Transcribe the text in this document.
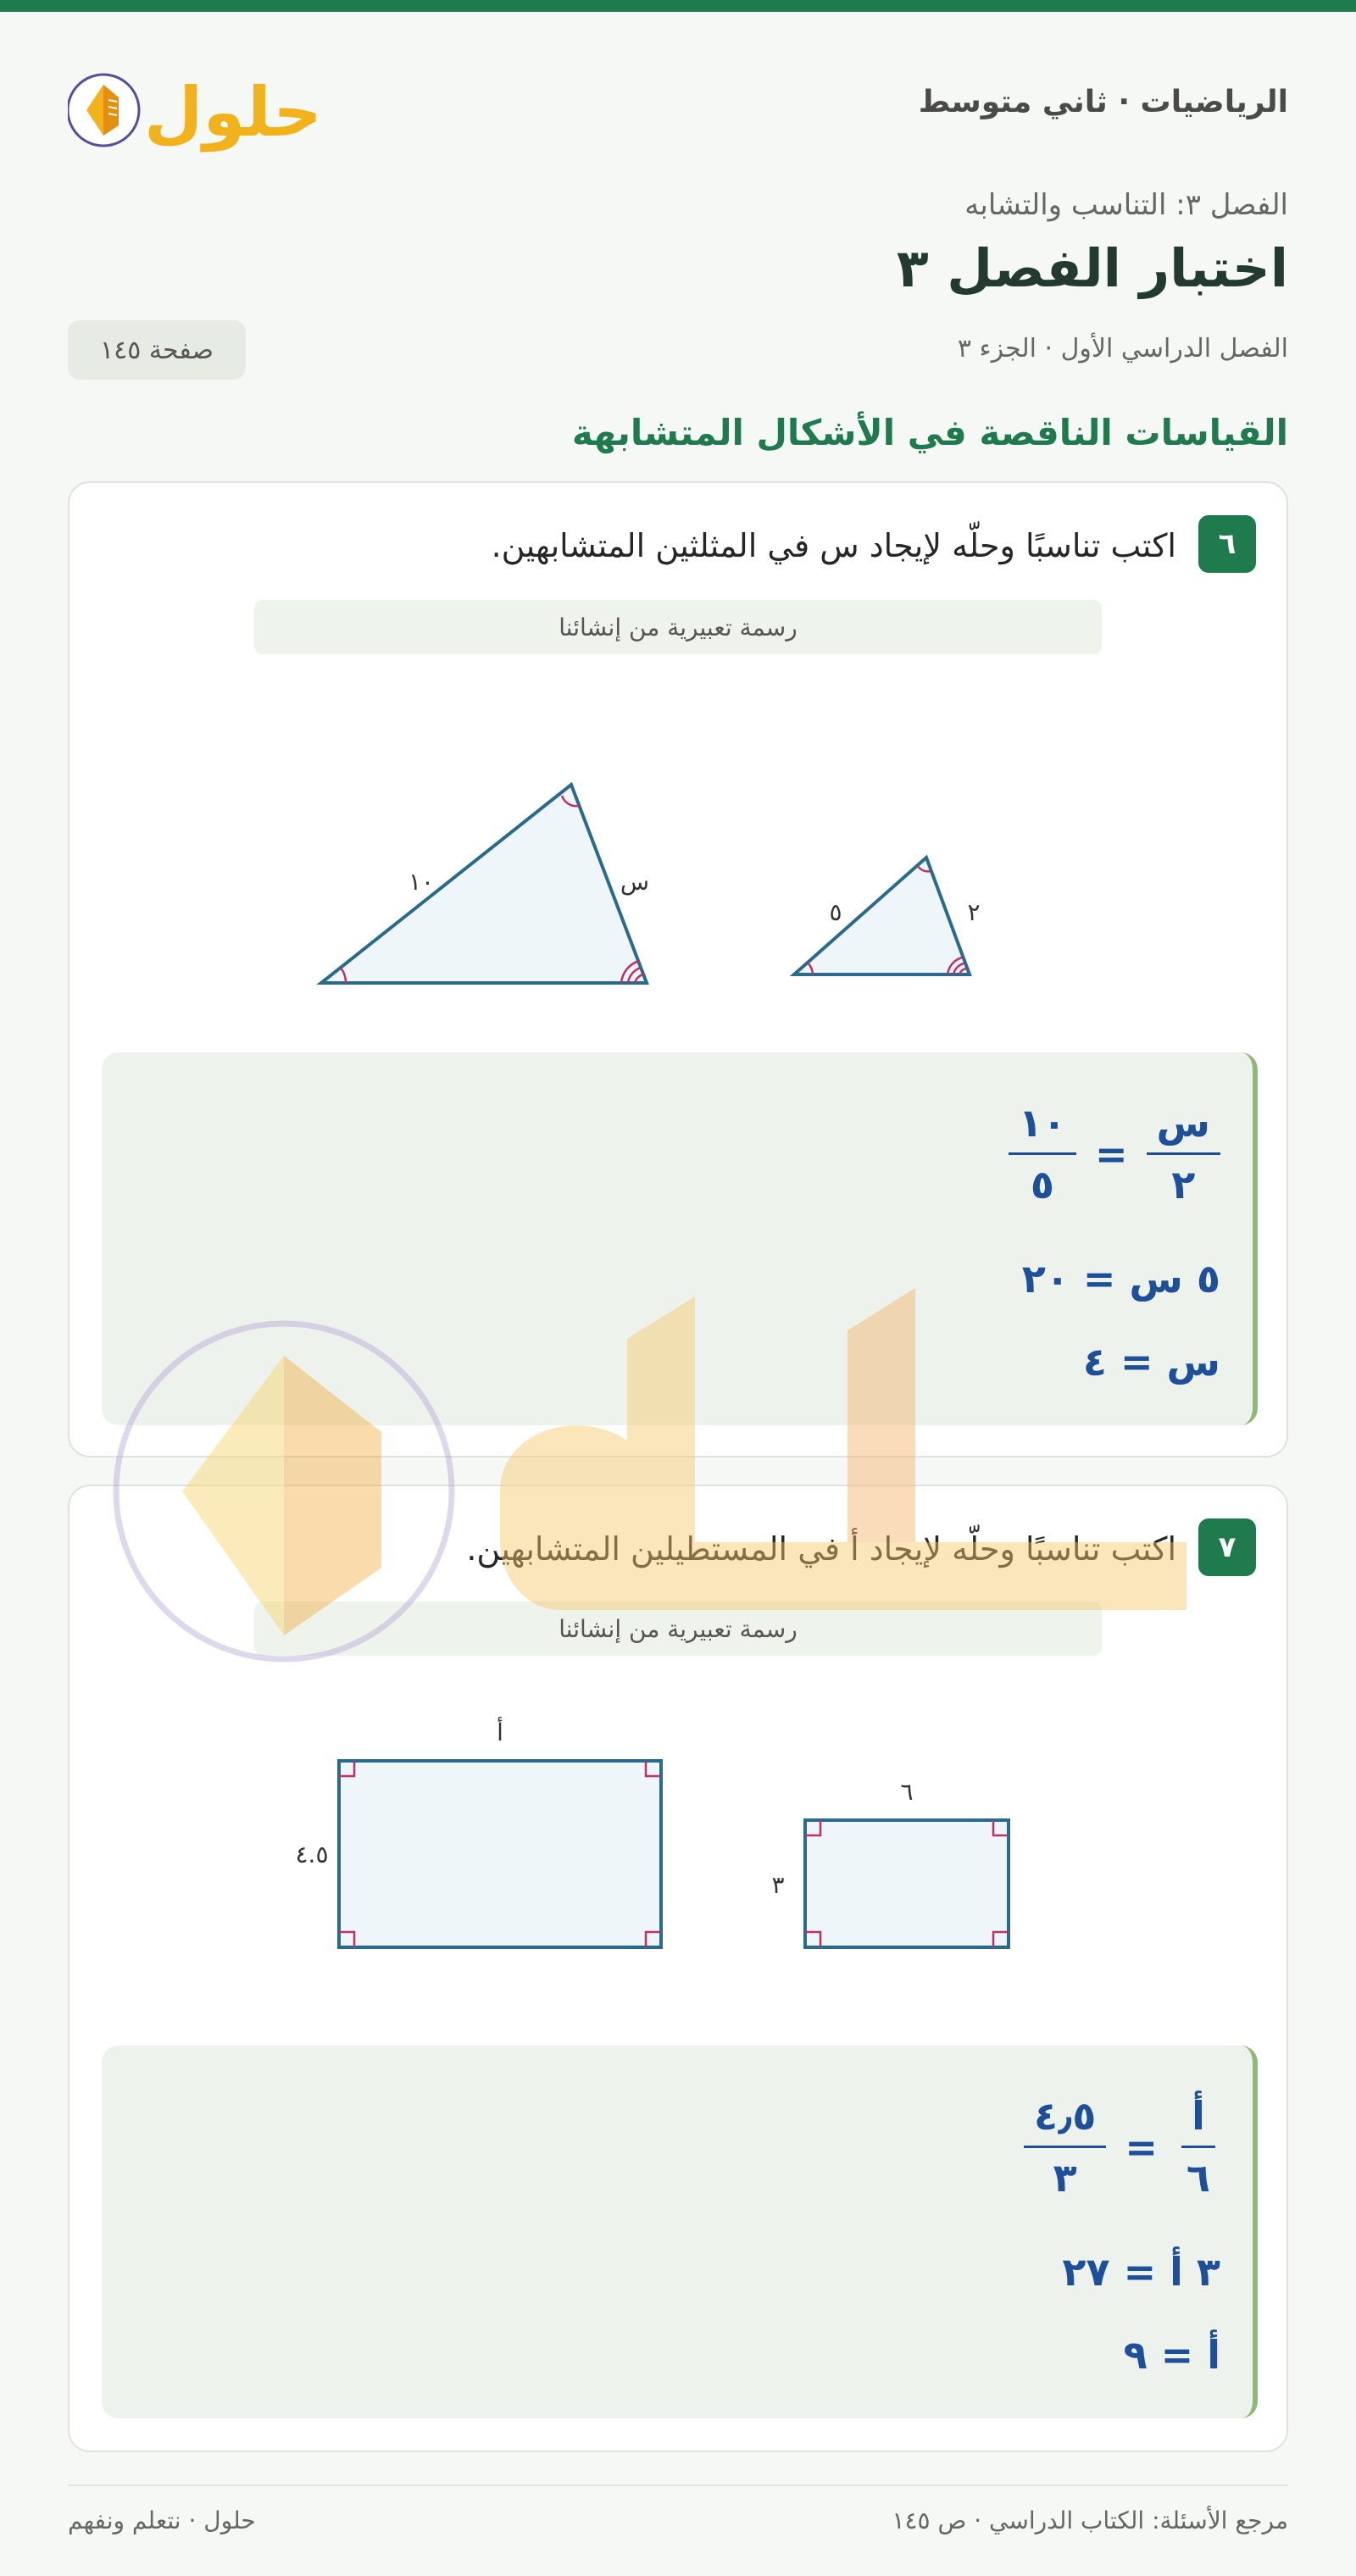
الرياضيات · ثاني متوسط
حلول
الفصل ٣: التناسب والتشابه
اختبار الفصل ٣
الفصل الدراسي الأول · الجزء ٣
صفحة ١٤٥
القياسات الناقصة في الأشكال المتشابهة
٦
اكتب تناسبًا وحلّه لإيجاد س في المثلثين المتشابهين.
رسمة تعبيرية من إنشائنا
١٠	س
٥	٢
$\frac{\text{س}}{٢}$
=
$\frac{١٠}{٥}$
٥ س = ٢٠
س = ٤
٧
اكتب تناسبًا وحلّه لإيجاد أ في المستطيلين المتشابهين.
رسمة تعبيرية من إنشائنا
أ
٤.٥
٦
٣
$\frac{\text{أ}}{٦}$
=
$\frac{٤٫٥}{٣}$
٣ أ = ٢٧
أ = ٩
مرجع الأسئلة: الكتاب الدراسي · ص ١٤٥
حلول · نتعلم ونفهم
